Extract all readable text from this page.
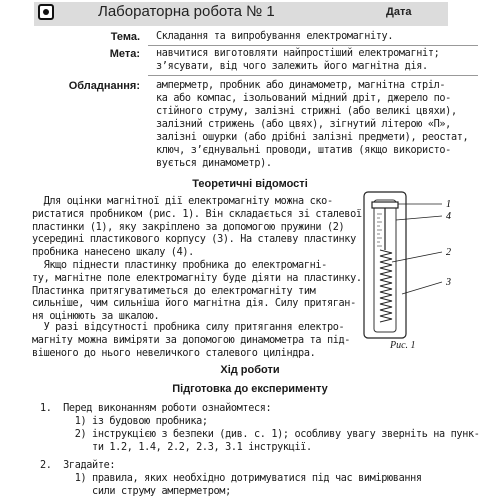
Лабораторна робота № 1	Дата
Тема. Складання та випробування електромагніту.
Мета: навчитися виготовляти найпростіший електромагніт;
з’ясувати, від чого залежить його магнітна дія.
Обладнання: амперметр, пробник або динамометр, магнітна стріл-
ка або компас, ізольований мідний дріт, джерело по-
стійного струму, залізні стрижні (або великі цвяхи),
залізний стрижень (або цвях), зігнутий літерою «П»,
залізні ошурки (або дрібні залізні предмети), реостат,
ключ, з’єднувальні проводи, штатив (якщо використо-
вується динамометр).
Теоретичні відомості
Для оцінки магнітної дії електромагніту можна ско-
ристатися пробником (рис. 1). Він складається зі сталевої
пластинки (1), яку закріплено за допомогою пружини (2)
усередині пластикового корпусу (3). На сталеву пластинку
пробника нанесено шкалу (4).
Якщо піднести пластинку пробника до електромагні-
ту, магнітне поле електромагніту буде діяти на пластинку.
Пластинка притягуватиметься до електромагніту тим
сильніше, чим сильніша його магнітна дія. Силу притяган-
ня оцінюють за шкалою.
У разі відсутності пробника силу притягання електро-
магніту можна виміряти за допомогою динамометра та під-
вішеного до нього невеличкого сталевого циліндра.
1
4
2
3
Рис. 1
Хід роботи
Підготовка до експерименту
1.  Перед виконанням роботи ознайомтеся:
1) із будовою пробника;
2) інструкцією з безпеки (див. с. 1); особливу увагу зверніть на пунк-
ти 1.2, 1.4, 2.2, 2.3, 3.1 інструкції.
2.  Згадайте:
1) правила, яких необхідно дотримуватися під час вимірювання
сили струму амперметром;
